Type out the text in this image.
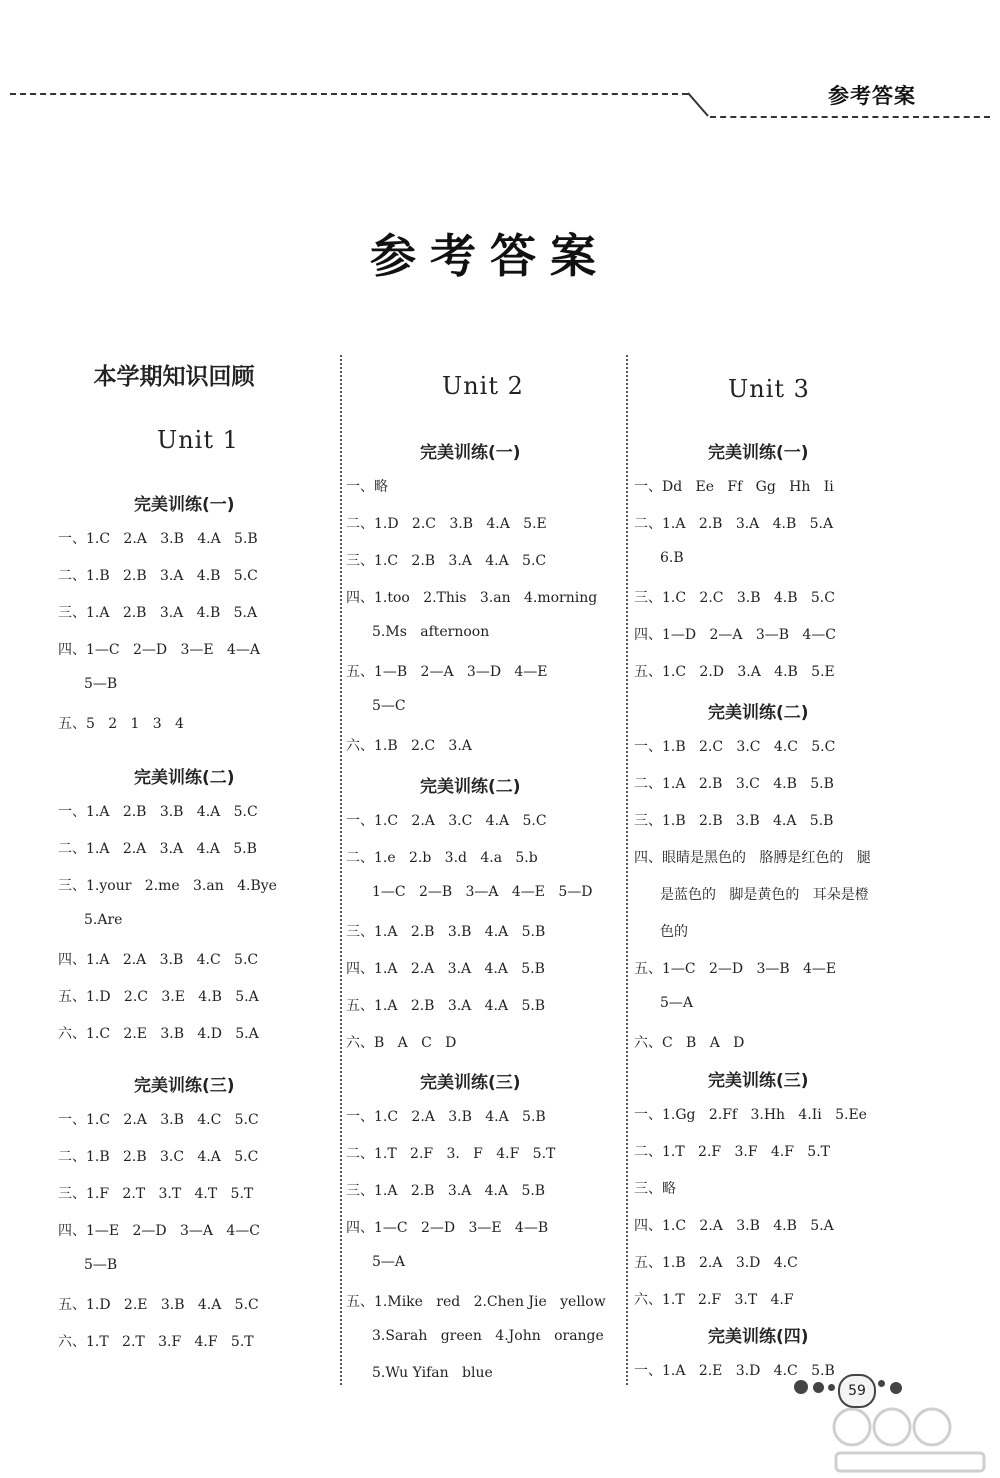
参考答案
参考答案
本学期知识回顾
Unit 1
完美训练(一)
一、1.C   2.A   3.B   4.A   5.B
二、1.B   2.B   3.A   4.B   5.C
三、1.A   2.B   3.A   4.B   5.A
四、1—C   2—D   3—E   4—A
5—B
五、5   2   1   3   4
完美训练(二)
一、1.A   2.B   3.B   4.A   5.C
二、1.A   2.A   3.A   4.A   5.B
三、1.your   2.me   3.an   4.Bye
5.Are
四、1.A   2.A   3.B   4.C   5.C
五、1.D   2.C   3.E   4.B   5.A
六、1.C   2.E   3.B   4.D   5.A
完美训练(三)
一、1.C   2.A   3.B   4.C   5.C
二、1.B   2.B   3.C   4.A   5.C
三、1.F   2.T   3.T   4.T   5.T
四、1—E   2—D   3—A   4—C
5—B
五、1.D   2.E   3.B   4.A   5.C
六、1.T   2.T   3.F   4.F   5.T
Unit 2
完美训练(一)
一、略
二、1.D   2.C   3.B   4.A   5.E
三、1.C   2.B   3.A   4.A   5.C
四、1.too   2.This   3.an   4.morning
5.Ms   afternoon
五、1—B   2—A   3—D   4—E
5—C
六、1.B   2.C   3.A
完美训练(二)
一、1.C   2.A   3.C   4.A   5.C
二、1.e   2.b   3.d   4.a   5.b
1—C   2—B   3—A   4—E   5—D
三、1.A   2.B   3.B   4.A   5.B
四、1.A   2.A   3.A   4.A   5.B
五、1.A   2.B   3.A   4.A   5.B
六、B   A   C   D
完美训练(三)
一、1.C   2.A   3.B   4.A   5.B
二、1.T   2.F   3.   F   4.F   5.T
三、1.A   2.B   3.A   4.A   5.B
四、1—C   2—D   3—E   4—B
5—A
五、1.Mike   red   2.Chen Jie   yellow
3.Sarah   green   4.John   orange
5.Wu Yifan   blue
Unit 3
完美训练(一)
一、Dd   Ee   Ff   Gg   Hh   Ii
二、1.A   2.B   3.A   4.B   5.A
6.B
三、1.C   2.C   3.B   4.B   5.C
四、1—D   2—A   3—B   4—C
五、1.C   2.D   3.A   4.B   5.E
完美训练(二)
一、1.B   2.C   3.C   4.C   5.C
二、1.A   2.B   3.C   4.B   5.B
三、1.B   2.B   3.B   4.A   5.B
四、眼睛是黑色的   胳膊是红色的   腿
是蓝色的   脚是黄色的   耳朵是橙
色的
五、1—C   2—D   3—B   4—E
5—A
六、C   B   A   D
完美训练(三)
一、1.Gg   2.Ff   3.Hh   4.Ii   5.Ee
二、1.T   2.F   3.F   4.F   5.T
三、略
四、1.C   2.A   3.B   4.B   5.A
五、1.B   2.A   3.D   4.C
六、1.T   2.F   3.T   4.F
完美训练(四)
一、1.A   2.E   3.D   4.C   5.B
59
